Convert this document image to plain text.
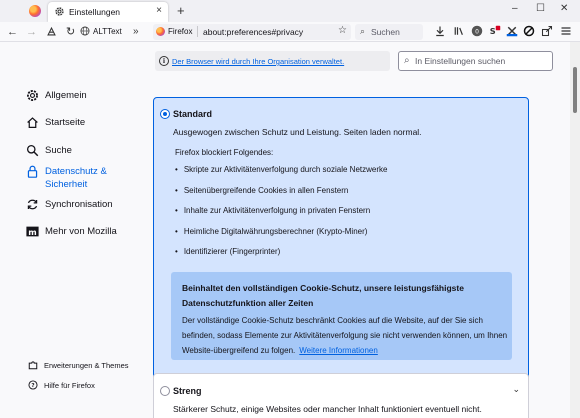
Einstellungen	× +	– ☐ ✕
← →	↻ ALTText »	Firefox about:preferences#privacy	☆ ⌕ Suchen	0 S
i Der Browser wird durch Ihre Organisation verwaltet.	⌕
In Einstellungen suchen
Allgemein
Startseite
Suche
Datenschutz &
Sicherheit
Synchronisation
m Mehr von Mozilla
Erweiterungen & Themes
? Hilfe für Firefox
Standard
Ausgewogen zwischen Schutz und Leistung. Seiten laden normal.
Firefox blockiert Folgendes:
• Skripte zur Aktivitätenverfolgung durch soziale Netzwerke
• Seitenübergreifende Cookies in allen Fenstern
• Inhalte zur Aktivitätenverfolgung in privaten Fenstern
• Heimliche Digitalwährungsberechner (Krypto-Miner)
• Identifizierer (Fingerprinter)
Beinhaltet den vollständigen Cookie-Schutz, unsere leistungsfähigste Datenschutzfunktion aller Zeiten
Der vollständige Cookie-Schutz beschränkt Cookies auf die Website, auf der Sie sich befinden, sodass Elemente zur Aktivitätenverfolgung sie nicht verwenden können, um Ihnen Website-übergreifend zu folgen. Weitere Informationen
Streng
Stärkerer Schutz, einige Websites oder mancher Inhalt funktioniert eventuell nicht.
⌄
